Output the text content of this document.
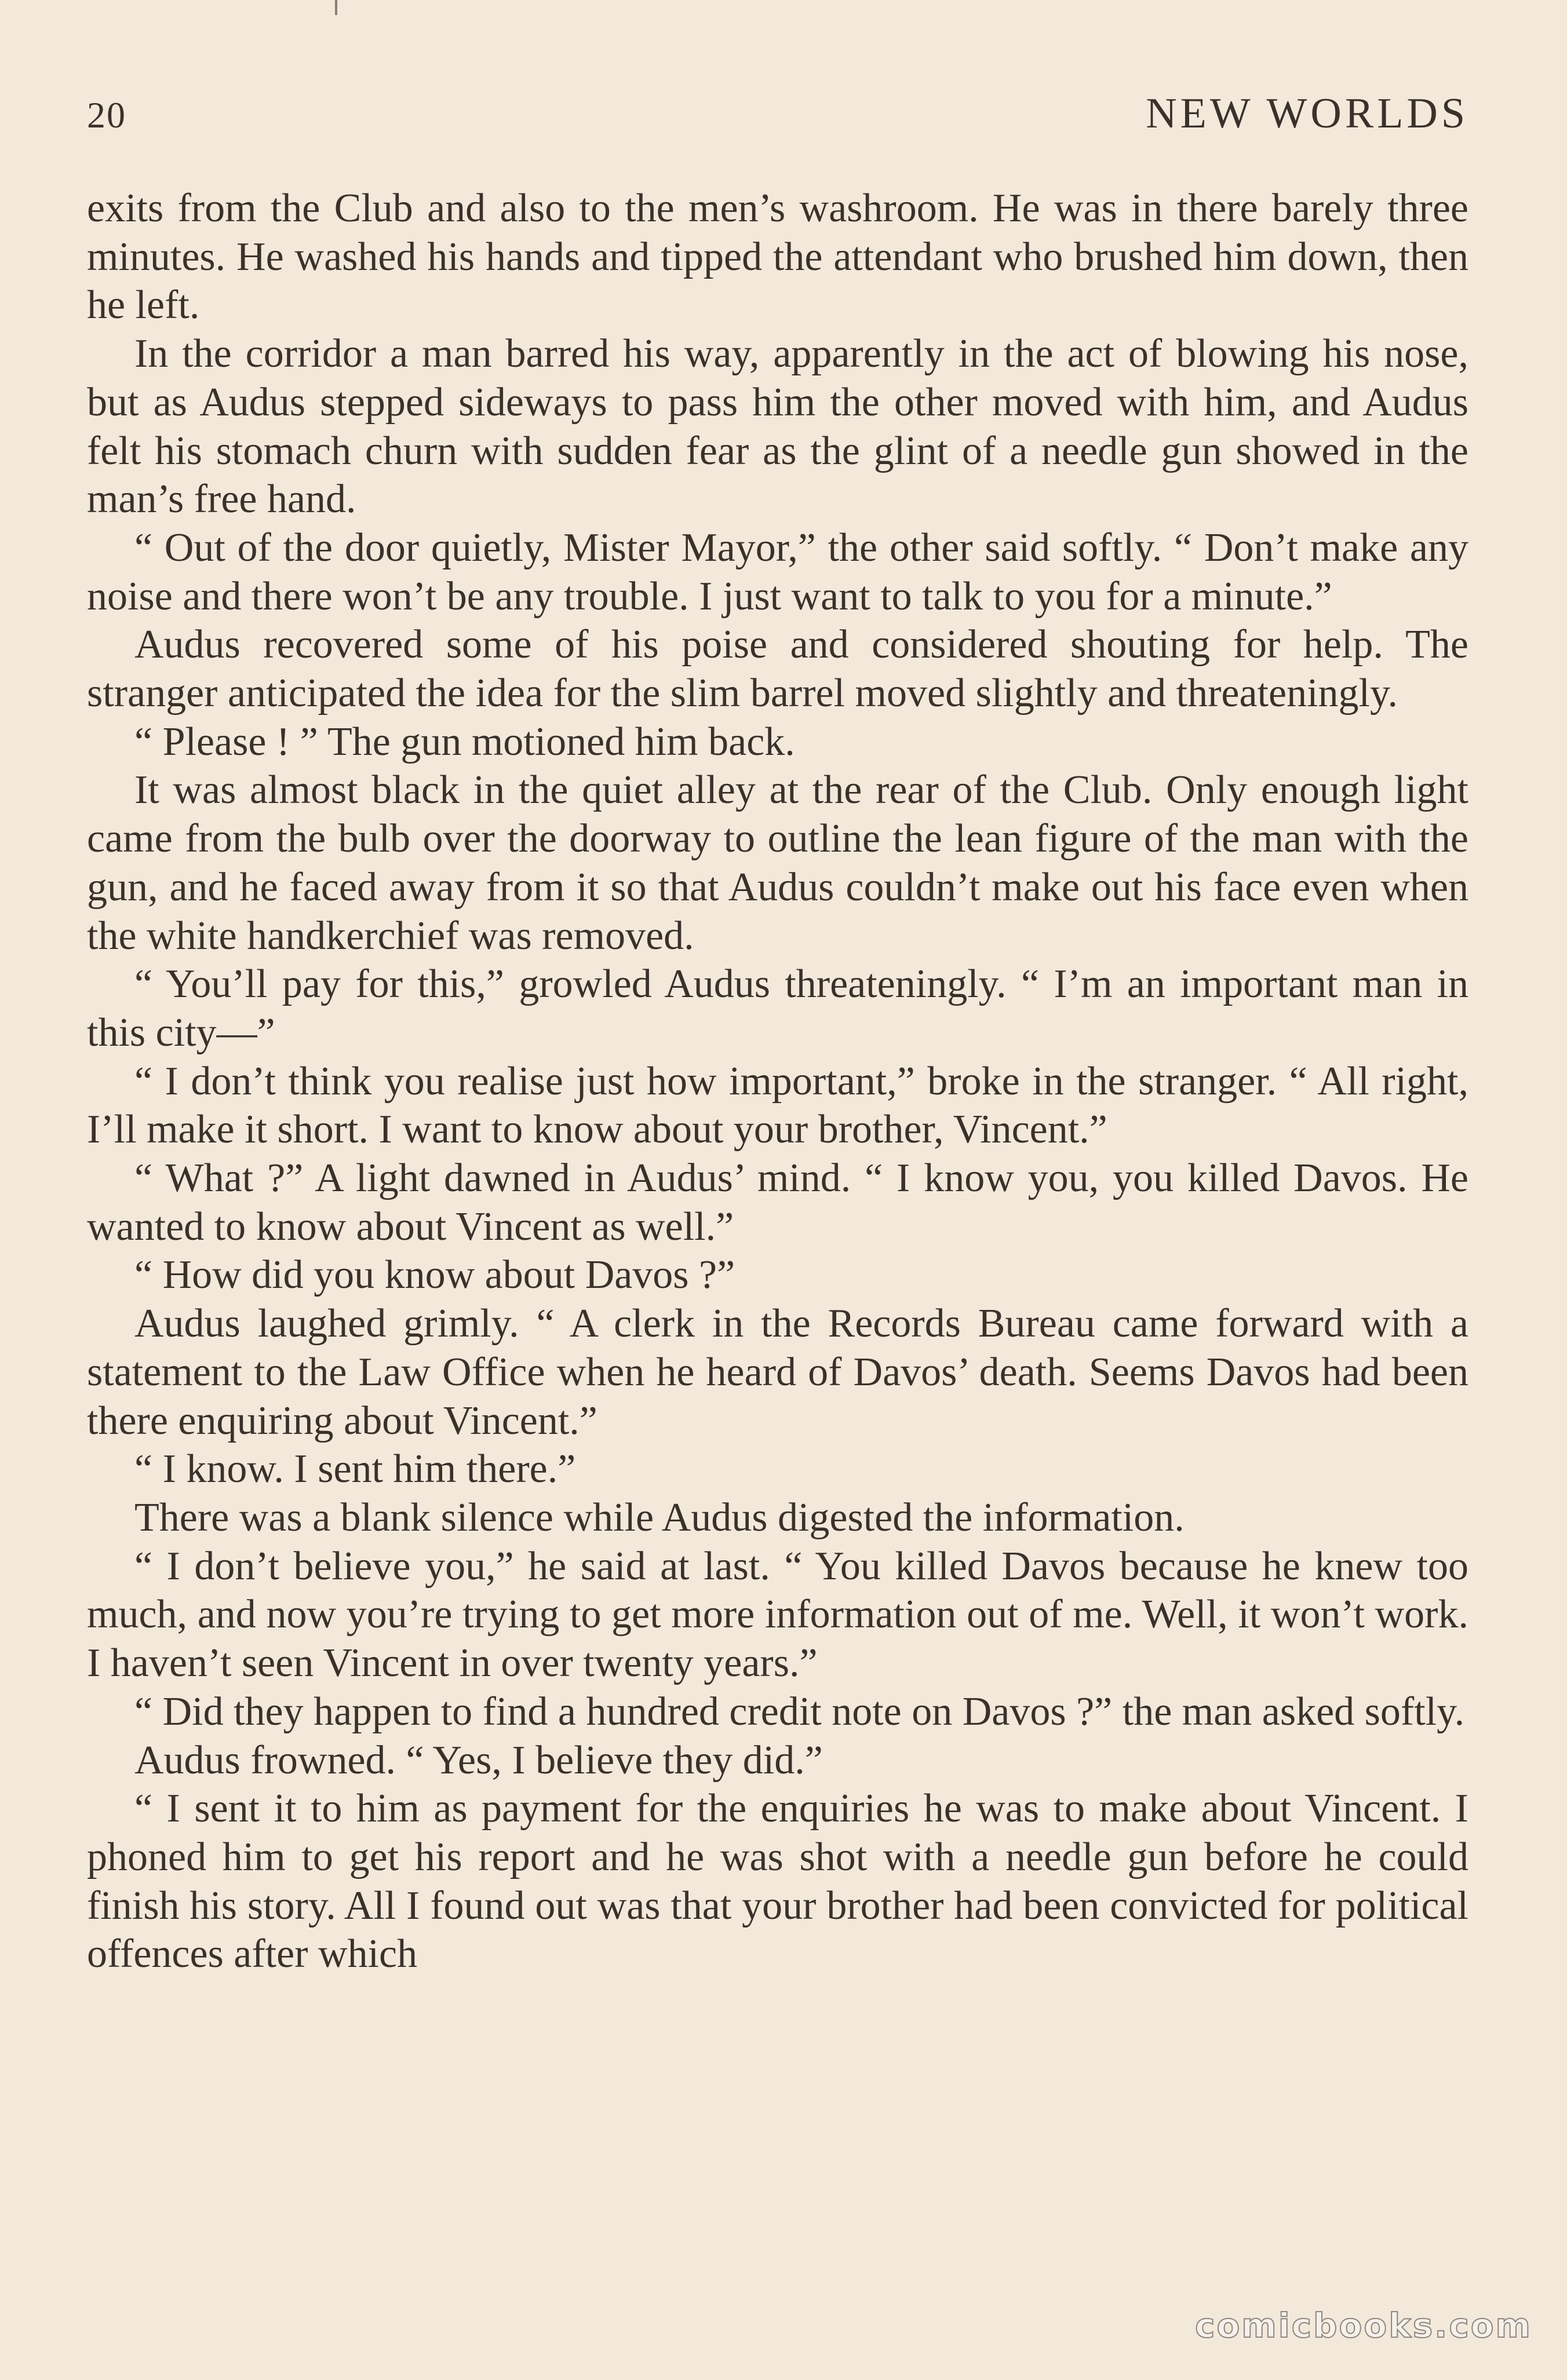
20	NEW WORLDS

exits from the Club and also to the men’s washroom. He was in there barely three minutes. He washed his hands and tipped the attendant who brushed him down, then he left.

In the corridor a man barred his way, apparently in the act of blowing his nose, but as Audus stepped sideways to pass him the other moved with him, and Audus felt his stomach churn with sudden fear as the glint of a needle gun showed in the man’s free hand.

“ Out of the door quietly, Mister Mayor,” the other said softly. “ Don’t make any noise and there won’t be any trouble. I just want to talk to you for a minute.”

Audus recovered some of his poise and considered shouting for help. The stranger anticipated the idea for the slim barrel moved slightly and threateningly.

“ Please ! ” The gun motioned him back.

It was almost black in the quiet alley at the rear of the Club. Only enough light came from the bulb over the doorway to outline the lean figure of the man with the gun, and he faced away from it so that Audus couldn’t make out his face even when the white handkerchief was removed.

“ You’ll pay for this,” growled Audus threateningly. “ I’m an important man in this city—”

“ I don’t think you realise just how important,” broke in the stranger. “ All right, I’ll make it short. I want to know about your brother, Vincent.”

“ What ?” A light dawned in Audus’ mind. “ I know you, you killed Davos. He wanted to know about Vincent as well.”

“ How did you know about Davos ?”

Audus laughed grimly. “ A clerk in the Records Bureau came forward with a statement to the Law Office when he heard of Davos’ death. Seems Davos had been there enquiring about Vincent.”

“ I know. I sent him there.”

There was a blank silence while Audus digested the information.

“ I don’t believe you,” he said at last. “ You killed Davos because he knew too much, and now you’re trying to get more information out of me. Well, it won’t work. I haven’t seen Vincent in over twenty years.”

“ Did they happen to find a hundred credit note on Davos ?” the man asked softly.

Audus frowned. “ Yes, I believe they did.”

“ I sent it to him as payment for the enquiries he was to make about Vincent. I phoned him to get his report and he was shot with a needle gun before he could finish his story. All I found out was that your brother had been convicted for political offences after which

comicbooks.com
